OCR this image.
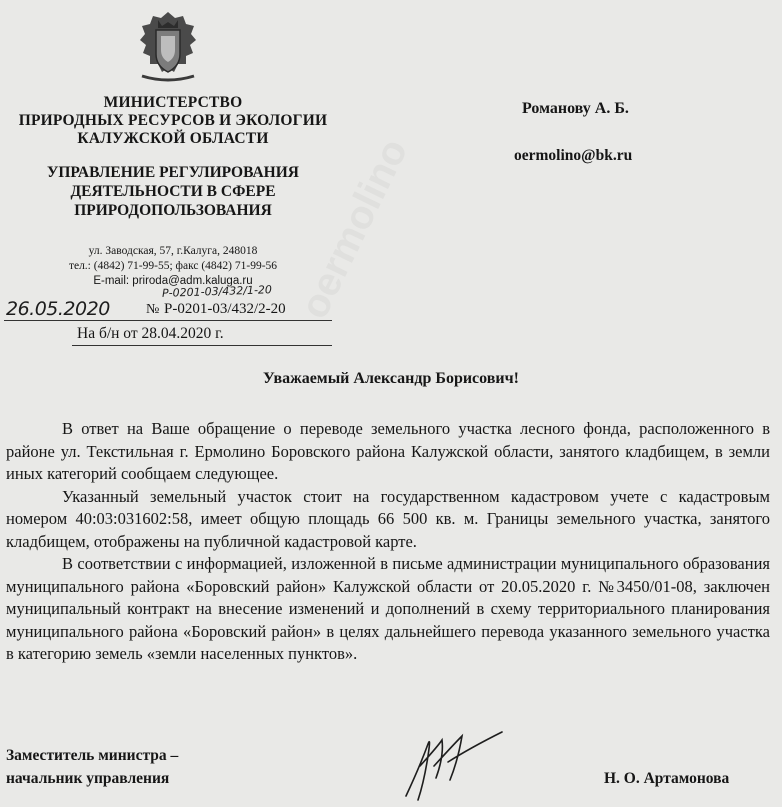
МИНИСТЕРСТВО
ПРИРОДНЫХ РЕСУРСОВ И ЭКОЛОГИИ
КАЛУЖСКОЙ ОБЛАСТИ
УПРАВЛЕНИЕ РЕГУЛИРОВАНИЯ
ДЕЯТЕЛЬНОСТИ В СФЕРЕ
ПРИРОДОПОЛЬЗОВАНИЯ
ул. Заводская, 57, г.Калуга, 248018
тел.: (4842) 71-99-55; факс (4842) 71-99-56
E-mail: priroda@adm.kaluga.ru
Р-0201-03/432/1-20
26.05.2020	№ Р-0201-03/432/2-20
На б/н от 28.04.2020 г.
Романову А. Б.
oermolino@bk.ru
Уважаемый Александр Борисович!

В ответ на Ваше обращение о переводе земельного участка лесного фонда, расположенного в районе ул. Текстильная г. Ермолино Боровского района Калужской области, занятого кладбищем, в земли иных категорий сообщаем следующее.

Указанный земельный участок стоит на государственном кадастровом учете с кадастровым номером 40:03:031602:58, имеет общую площадь 66 500 кв. м. Границы земельного участка, занятого кладбищем, отображены на публичной кадастровой карте.

В соответствии с информацией, изложенной в письме администрации муниципального образования муниципального района «Боровский район» Калужской области от 20.05.2020 г. №3450/01-08, заключен муниципальный контракт на внесение изменений и дополнений в схему территориального планирования муниципального района «Боровский район» в целях дальнейшего перевода указанного земельного участка в категорию земель «земли населенных пунктов».

Заместитель министра –
начальник управления	Н. О. Артамонова
oermolino
